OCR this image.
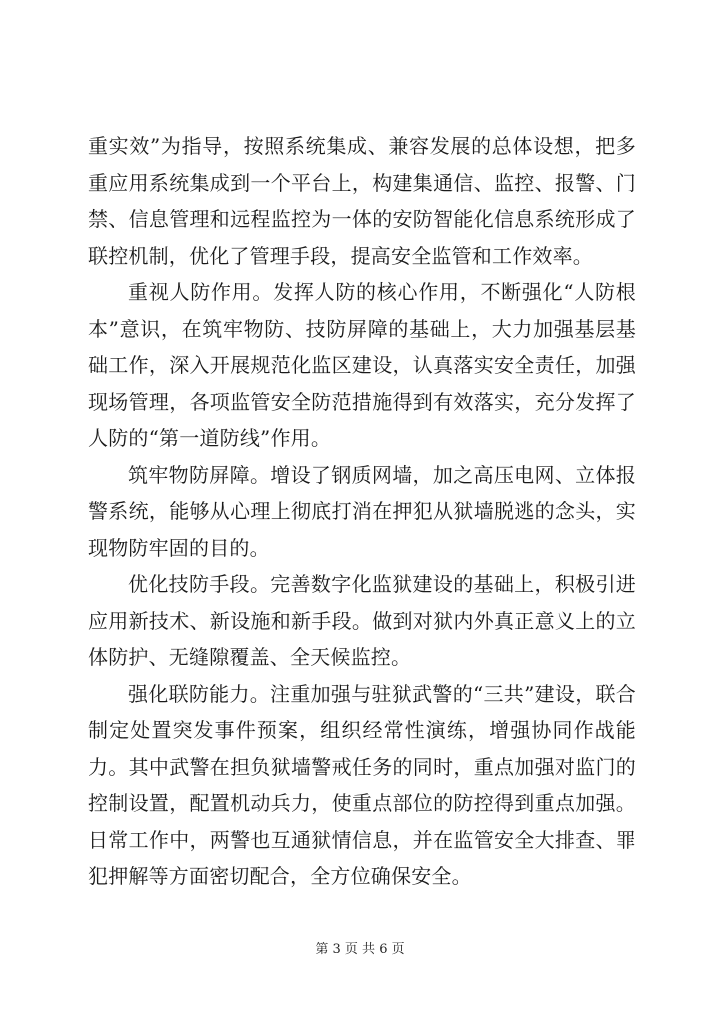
重实效”为指导，按照系统集成、兼容发展的总体设想，把多重应用系统集成到一个平台上，构建集通信、监控、报警、门禁、信息管理和远程监控为一体的安防智能化信息系统形成了联控机制，优化了管理手段，提高安全监管和工作效率。

重视人防作用。发挥人防的核心作用，不断强化“人防根本”意识，在筑牢物防、技防屏障的基础上，大力加强基层基础工作，深入开展规范化监区建设，认真落实安全责任，加强现场管理，各项监管安全防范措施得到有效落实，充分发挥了人防的“第一道防线”作用。

筑牢物防屏障。增设了钢质网墙，加之高压电网、立体报警系统，能够从心理上彻底打消在押犯从狱墙脱逃的念头，实现物防牢固的目的。

优化技防手段。完善数字化监狱建设的基础上，积极引进应用新技术、新设施和新手段。做到对狱内外真正意义上的立体防护、无缝隙覆盖、全天候监控。

强化联防能力。注重加强与驻狱武警的“三共”建设，联合制定处置突发事件预案，组织经常性演练，增强协同作战能力。其中武警在担负狱墙警戒任务的同时，重点加强对监门的控制设置，配置机动兵力，使重点部位的防控得到重点加强。日常工作中，两警也互通狱情信息，并在监管安全大排查、罪犯押解等方面密切配合，全方位确保安全。

第 3 页 共 6 页
